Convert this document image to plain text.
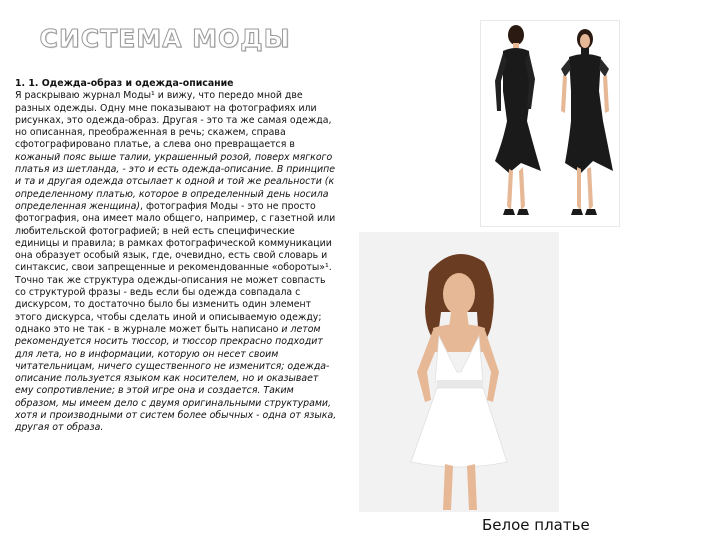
СИСТЕМА МОДЫ

1. 1. Одежда-образ и одежда-описание
Я раскрываю журнал Моды¹ и вижу, что передо мной две разных одежды. Одну мне показывают на фотографиях или рисунках, это одежда-образ. Другая - это та же самая одежда, но описанная, преображенная в речь; скажем, справа сфотографировано платье, а слева оно превращается в кожаный пояс выше талии, украшенный розой, поверх мягкого платья из шетланда, - это и есть одежда-описание. В принципе и та и другая одежда отсылает к одной и той же реальности (к определенному платью, которое в определенный день носила определенная женщина), фотография Моды - это не просто фотография, она имеет мало общего, например, с газетной или любительской фотографией; в ней есть специфические единицы и правила; в рамках фотографической коммуникации она образует особый язык, где, очевидно, есть свой словарь и синтаксис, свои запрещенные и рекомендованные «обороты»¹. Точно так же структура одежды-описания не может совпасть со структурой фразы - ведь если бы одежда совпадала с дискурсом, то достаточно было бы изменить один элемент этого дискурса, чтобы сделать иной и описываемую одежду; однако это не так - в журнале может быть написано и летом рекомендуется носить тюссор, и тюссор прекрасно подходит для лета, но в информации, которую он несет своим читательницам, ничего существенного не изменится; одежда-описание пользуется языком как носителем, но и оказывает ему сопротивление; в этой игре она и создается. Таким образом, мы имеем дело с двумя оригинальными структурами, хотя и производными от систем более обычных - одна от языка, другая от образа.

Белое платье
